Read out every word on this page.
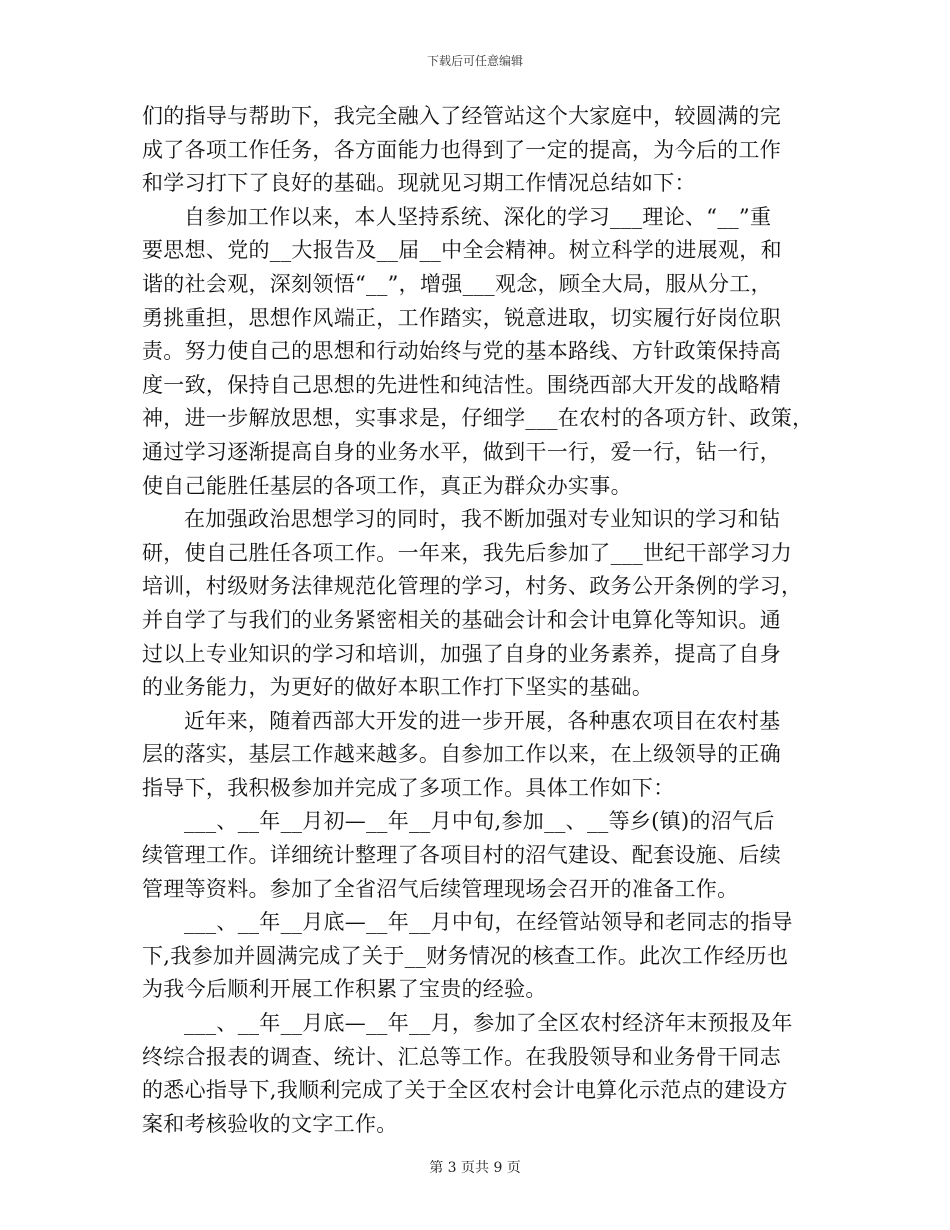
下载后可任意编辑
们的指导与帮助下，我完全融入了经管站这个大家庭中，较圆满的完
成了各项工作任务，各方面能力也得到了一定的提高，为今后的工作
和学习打下了良好的基础。现就见习期工作情况总结如下：
自参加工作以来，本人坚持系统、深化的学习___理论、“__”重
要思想、党的__大报告及__届__中全会精神。树立科学的进展观，和
谐的社会观，深刻领悟“__”，增强___观念，顾全大局，服从分工，
勇挑重担，思想作风端正，工作踏实，锐意进取，切实履行好岗位职
责。努力使自己的思想和行动始终与党的基本路线、方针政策保持高
度一致，保持自己思想的先进性和纯洁性。围绕西部大开发的战略精
神，进一步解放思想，实事求是，仔细学___在农村的各项方针、政策，
通过学习逐渐提高自身的业务水平，做到干一行，爱一行，钻一行，
使自己能胜任基层的各项工作，真正为群众办实事。
在加强政治思想学习的同时，我不断加强对专业知识的学习和钻
研，使自己胜任各项工作。一年来，我先后参加了___世纪干部学习力
培训，村级财务法律规范化管理的学习，村务、政务公开条例的学习，
并自学了与我们的业务紧密相关的基础会计和会计电算化等知识。通
过以上专业知识的学习和培训，加强了自身的业务素养，提高了自身
的业务能力，为更好的做好本职工作打下坚实的基础。
近年来，随着西部大开发的进一步开展，各种惠农项目在农村基
层的落实，基层工作越来越多。自参加工作以来，在上级领导的正确
指导下，我积极参加并完成了多项工作。具体工作如下：
___、__年__月初—__年__月中旬,参加__、__等乡(镇)的沼气后
续管理工作。详细统计整理了各项目村的沼气建设、配套设施、后续
管理等资料。参加了全省沼气后续管理现场会召开的准备工作。
___、__年__月底—__年__月中旬，在经管站领导和老同志的指导
下,我参加并圆满完成了关于__财务情况的核查工作。此次工作经历也
为我今后顺利开展工作积累了宝贵的经验。
___、__年__月底—__年__月，参加了全区农村经济年末预报及年
终综合报表的调查、统计、汇总等工作。在我股领导和业务骨干同志
的悉心指导下,我顺利完成了关于全区农村会计电算化示范点的建设方
案和考核验收的文字工作。
第 3 页共 9 页
